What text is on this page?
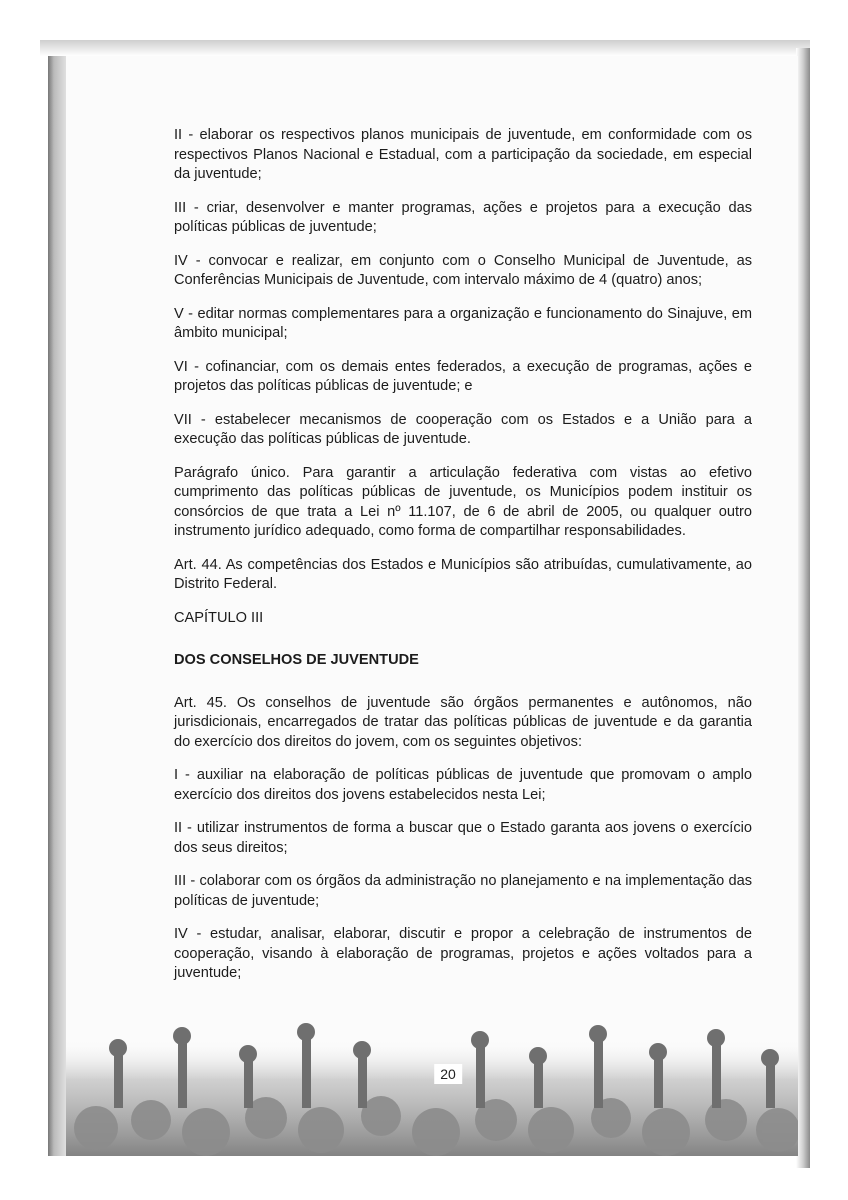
II - elaborar os respectivos planos municipais de juventude, em conformidade com os respectivos Planos Nacional e Estadual, com a participação da sociedade, em especial da juventude;

III - criar, desenvolver e manter programas, ações e projetos para a execução das políticas públicas de juventude;

IV - convocar e realizar, em conjunto com o Conselho Municipal de Juventude, as Conferências Municipais de Juventude, com intervalo máximo de 4 (quatro) anos;

V - editar normas complementares para a organização e funcionamento do Sinajuve, em âmbito municipal;

VI - cofinanciar, com os demais entes federados, a execução de programas, ações e projetos das políticas públicas de juventude; e

VII - estabelecer mecanismos de cooperação com os Estados e a União para a execução das políticas públicas de juventude.

Parágrafo único. Para garantir a articulação federativa com vistas ao efetivo cumprimento das políticas públicas de juventude, os Municípios podem instituir os consórcios de que trata a Lei nº 11.107, de 6 de abril de 2005, ou qualquer outro instrumento jurídico adequado, como forma de compartilhar responsabilidades.

Art. 44. As competências dos Estados e Municípios são atribuídas, cumulativamente, ao Distrito Federal.

CAPÍTULO III
DOS CONSELHOS DE JUVENTUDE

Art. 45. Os conselhos de juventude são órgãos permanentes e autônomos, não jurisdicionais, encarregados de tratar das políticas públicas de juventude e da garantia do exercício dos direitos do jovem, com os seguintes objetivos:

I - auxiliar na elaboração de políticas públicas de juventude que promovam o amplo exercício dos direitos dos jovens estabelecidos nesta Lei;

II - utilizar instrumentos de forma a buscar que o Estado garanta aos jovens o exercício dos seus direitos;

III - colaborar com os órgãos da administração no planejamento e na implementação das políticas de juventude;

IV - estudar, analisar, elaborar, discutir e propor a celebração de instrumentos de cooperação, visando à elaboração de programas, projetos e ações voltados para a juventude;

20
